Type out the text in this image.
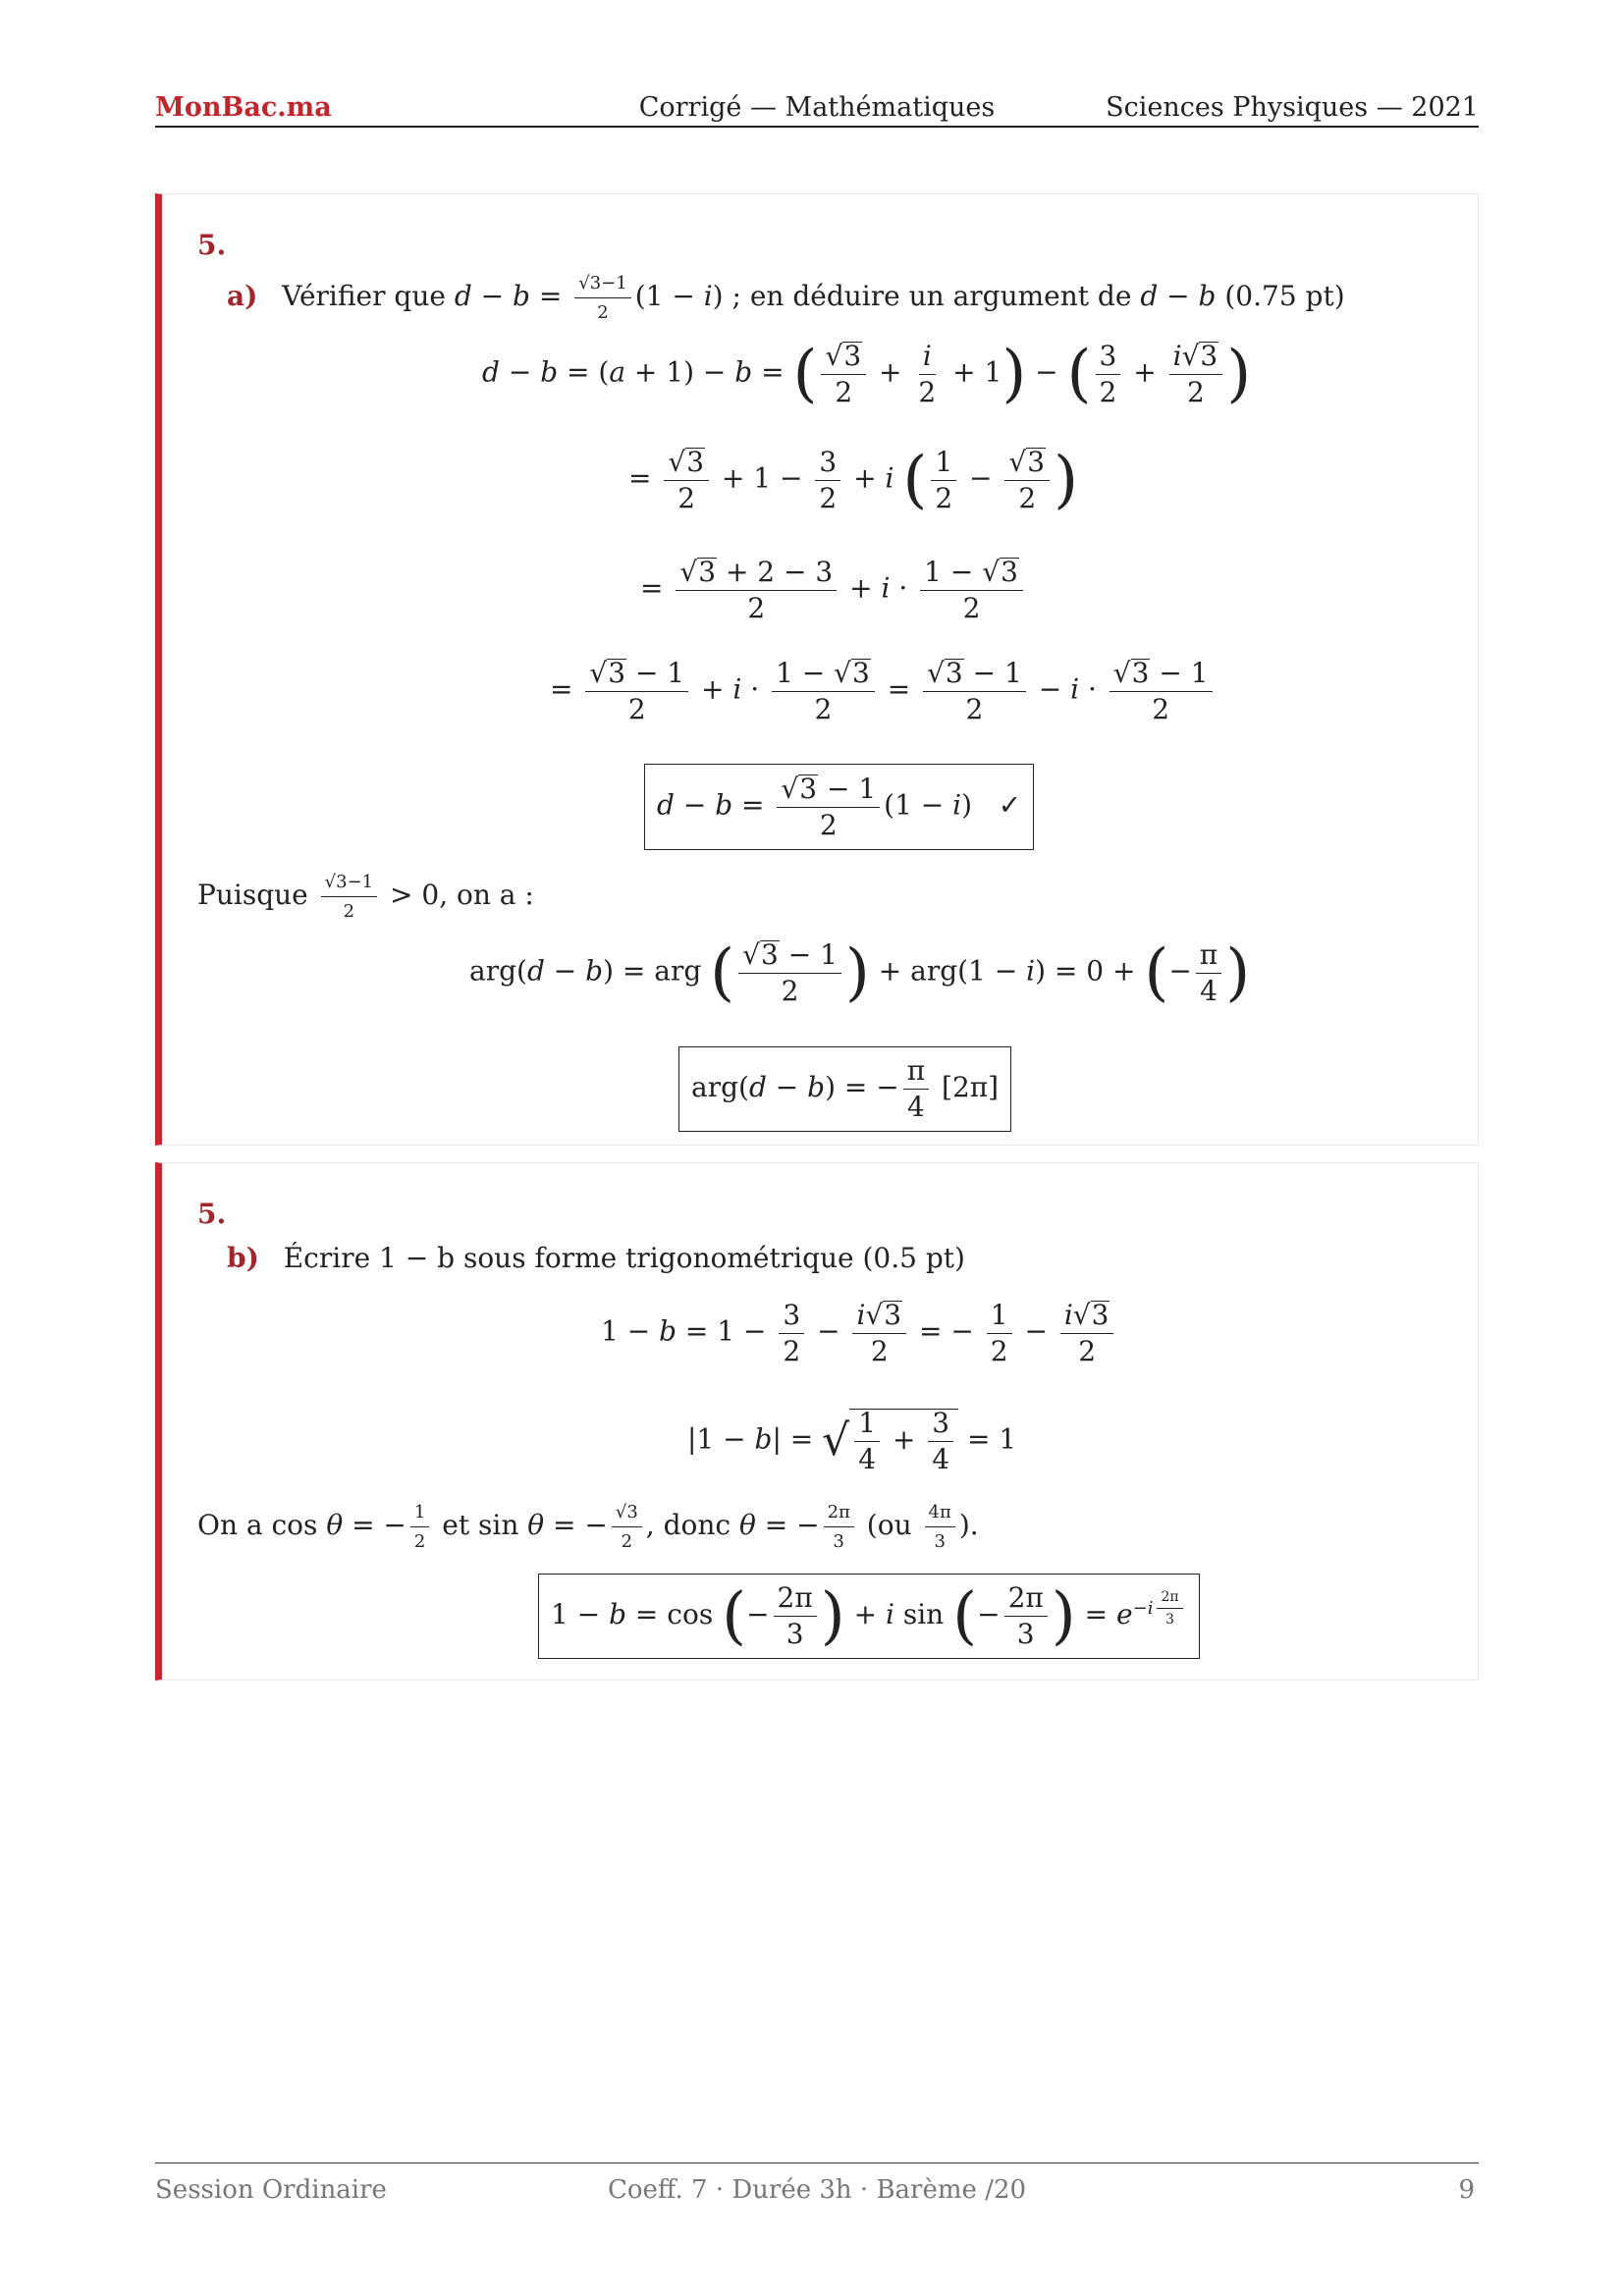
MonBac.ma	Corrigé — Mathématiques	Sciences Physiques — 2021
5.
a) Vérifier que $d - b = \frac{√3-1}{2} (1 - i)$ ; en déduire un argument de d − b (0.75 pt)
d − b = (a + 1) − b = ( $\frac{√3}{2} + \frac{i}{2} + 1$) − ( $\frac{3}{2} + \frac{i√3}{2}$ )
= $\frac{√3}{2} + 1 - \frac{3}{2} + i$ ( $\frac{1}{2} - \frac{√3}{2}$ )
= $\frac{√3 + 2 - 3}{2} + i \cdot \frac{1 - √3}{2}$
= $\frac{√3 - 1}{2} + i \cdot \frac{1 - √3}{2} = \frac{√3 - 1}{2} - i \cdot \frac{√3 - 1}{2}$
$d - b = \frac{√3 - 1}{2} (1 - i)$   ✓
Puisque $\frac{√3-1}{2} > 0$, on a :
arg(d − b) = arg ( $\frac{√3 - 1}{2}$ ) + arg(1 − i) = 0 + (− $\frac{\pi}{4}$ )
arg(d − b) = − $\frac{\pi}{4} [2\pi]$
5.
b) Écrire 1 − b sous forme trigonométrique (0.5 pt)
$1 - b = 1 - \frac{3}{2} - \frac{i√3}{2}$ = − $\frac{1}{2} - \frac{i√3}{2}$
|1 − b| = √ $\frac{1}{4} + \frac{3}{4} = 1$
On a cos θ = − $\frac{1}{2}$ et sin θ = − $\frac{√3}{2}$ , donc θ = − $\frac{2\pi}{3} (ou \frac{4\pi}{3}$ ).
1 − b = cos (− $\frac{2\pi}{3}$ ) + i sin (− $\frac{2\pi}{3}$ ) = $e^{-i \frac{2\pi}{3}}$
Session Ordinaire	Coeff. 7 · Durée 3h · Barème /20	9
